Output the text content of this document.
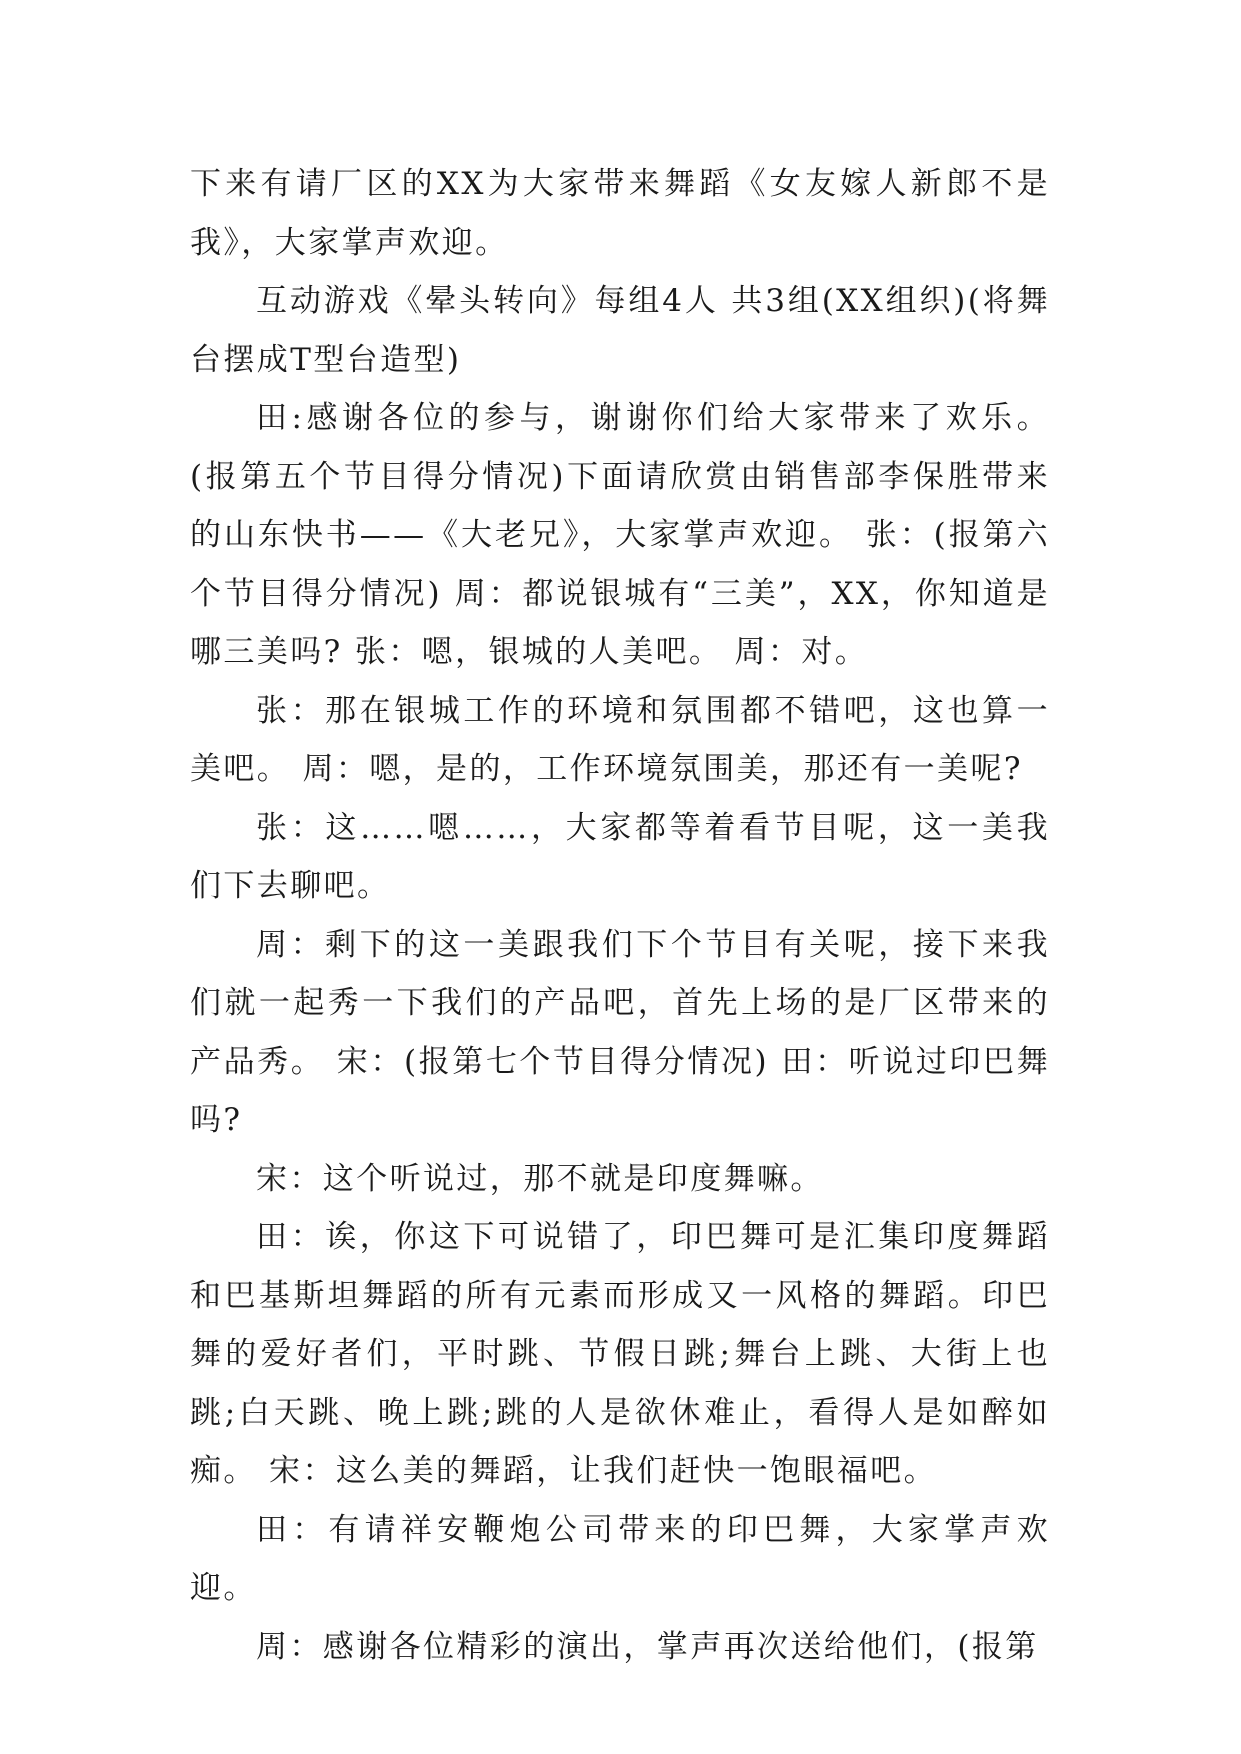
下来有请厂区的XX为大家带来舞蹈《女友嫁人新郎不是我》，大家掌声欢迎。

互动游戏《晕头转向》每组4人 共3组(XX组织)(将舞台摆成T型台造型)

田:感谢各位的参与，谢谢你们给大家带来了欢乐。(报第五个节目得分情况)下面请欣赏由销售部李保胜带来的山东快书——《大老兄》，大家掌声欢迎。 张：(报第六个节目得分情况) 周：都说银城有“三美”，XX，你知道是哪三美吗? 张：嗯，银城的人美吧。 周：对。

张：那在银城工作的环境和氛围都不错吧，这也算一美吧。 周：嗯，是的，工作环境氛围美，那还有一美呢?

张：这……嗯……，大家都等着看节目呢，这一美我们下去聊吧。

周：剩下的这一美跟我们下个节目有关呢，接下来我们就一起秀一下我们的产品吧，首先上场的是厂区带来的产品秀。 宋：(报第七个节目得分情况) 田：听说过印巴舞吗?

宋：这个听说过，那不就是印度舞嘛。

田：诶，你这下可说错了，印巴舞可是汇集印度舞蹈和巴基斯坦舞蹈的所有元素而形成又一风格的舞蹈。印巴舞的爱好者们，平时跳、节假日跳;舞台上跳、大街上也跳;白天跳、晚上跳;跳的人是欲休难止，看得人是如醉如痴。 宋：这么美的舞蹈，让我们赶快一饱眼福吧。

田：有请祥安鞭炮公司带来的印巴舞，大家掌声欢迎。

周：感谢各位精彩的演出，掌声再次送给他们，(报第
